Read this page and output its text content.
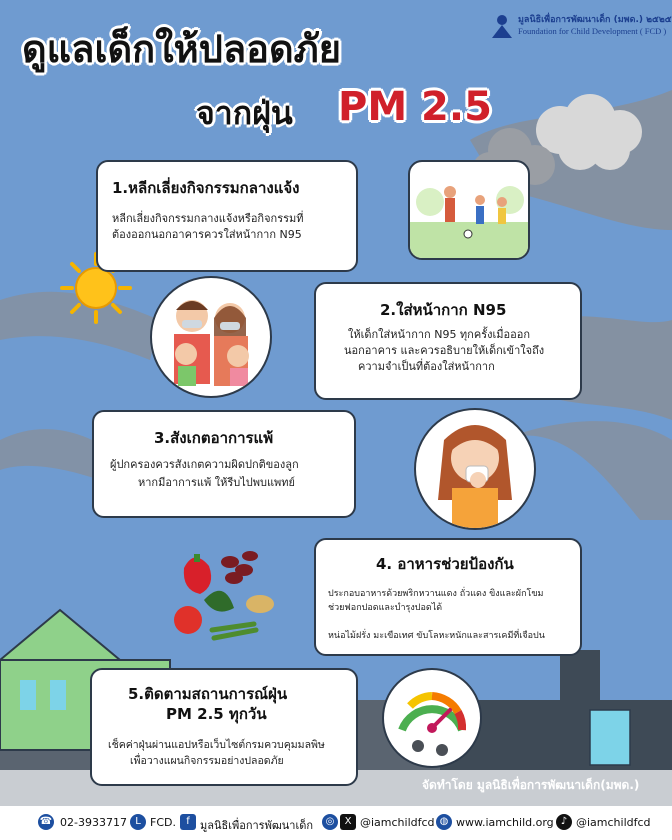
ดูแลเด็กให้ปลอดภัย
จากฝุ่น PM 2.5
มูลนิธิเพื่อการพัฒนาเด็ก (มพด.) ๒๕๒๕
Foundation for Child Development ( FCD )
1.หลีกเลี่ยงกิจกรรมกลางแจ้ง
หลีกเลี่ยงกิจกรรมกลางแจ้งหรือกิจกรรมที่
ต้องออกนอกอาคารควรใส่หน้ากาก N95
2.ใส่หน้ากาก N95
ให้เด็กใส่หน้ากาก N95 ทุกครั้งเมื่อออก
นอกอาคาร และควรอธิบายให้เด็กเข้าใจถึง
ความจำเป็นที่ต้องใส่หน้ากาก
3.สังเกตอาการแพ้
ผู้ปกครองควรสังเกตความผิดปกติของลูก
หากมีอาการแพ้ ให้รีบไปพบแพทย์
4. อาหารช่วยป้องกัน
ประกอบอาหารด้วยพริกหวานแดง ถั่วแดง ขิงและผักโขม
ช่วยฟอกปอดและบำรุงปอดได้
หน่อไม้ฝรั่ง มะเขือเทศ ขับโลหะหนักและสารเคมีที่เจือปน
5.ติดตามสถานการณ์ฝุ่น
PM 2.5 ทุกวัน
เช็คค่าฝุ่นผ่านแอปหรือเว็บไซต์กรมควบคุมมลพิษ
เพื่อวางแผนกิจกรรมอย่างปลอดภัย
จัดทำโดย มูลนิธิเพื่อการพัฒนาเด็ก(มพด.)
☎ 02-3933717 L FCD.	f มูลนิธิเพื่อการพัฒนาเด็ก	◎	X @iamchildfcd ◍ www.iamchild.org ♪ @iamchildfcd
